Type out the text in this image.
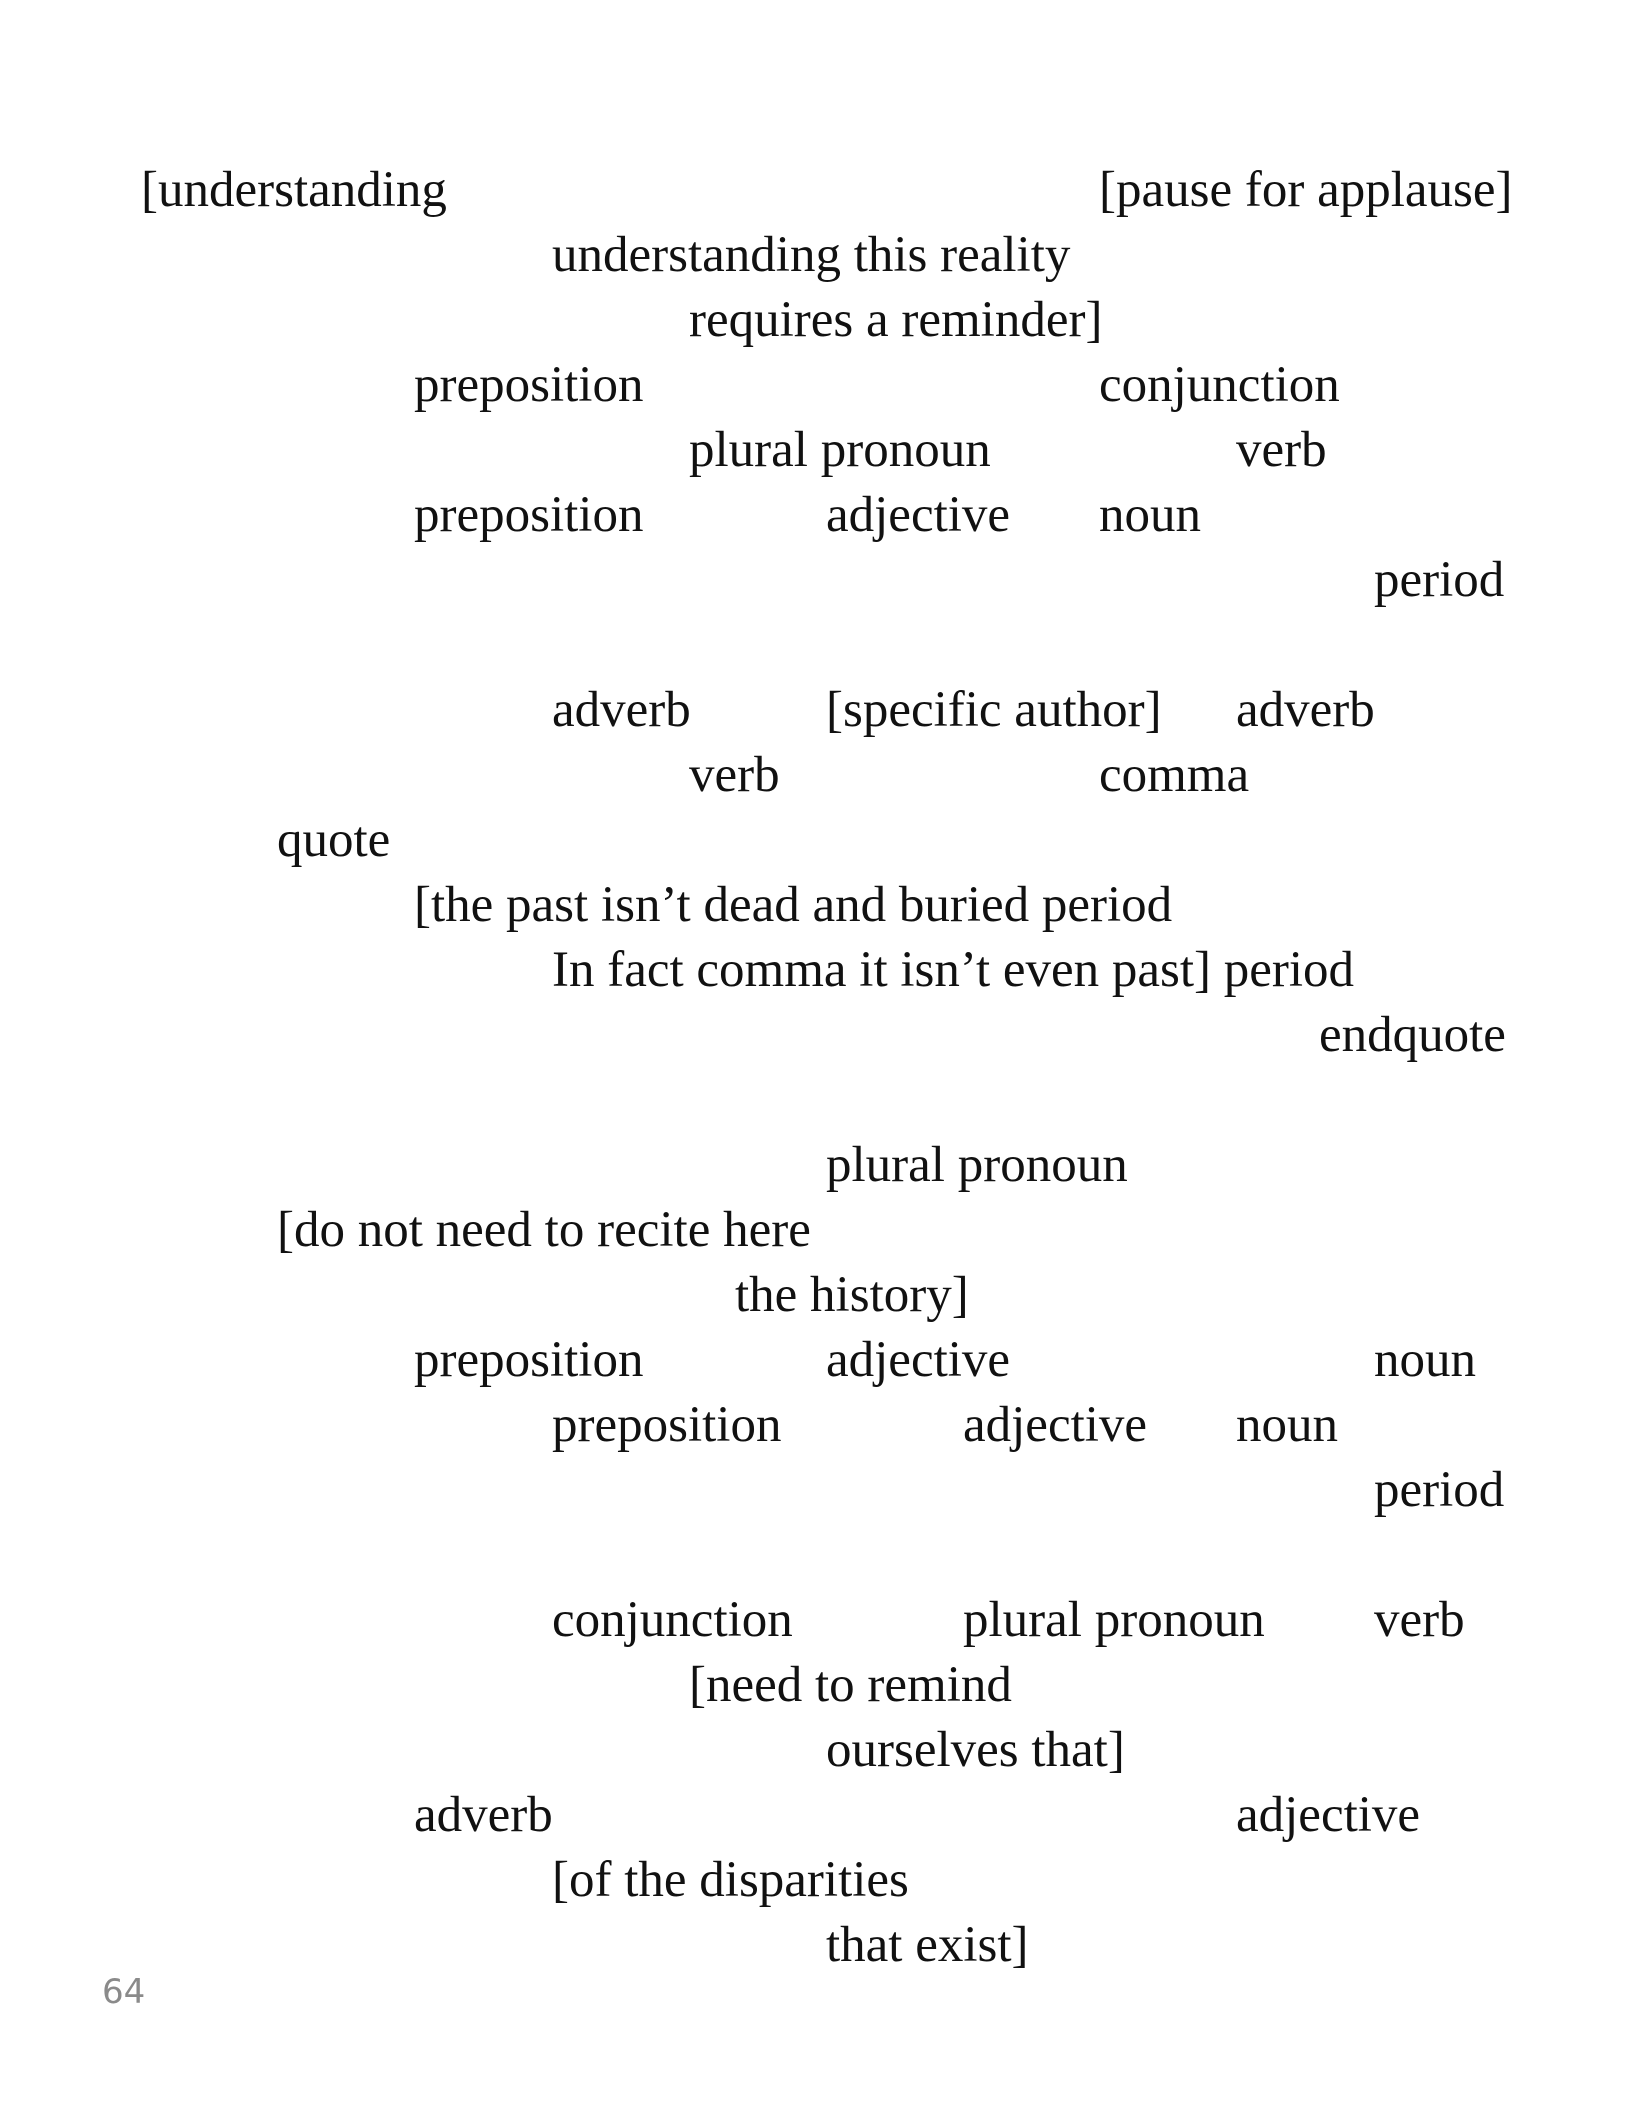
[understanding	[pause for applause]
understanding this reality
requires a reminder]
preposition	conjunction
plural pronoun	verb
preposition	adjective noun
period
adverb	[specific author] adverb
verb	comma
quote
[the past isn’t dead and buried period
In fact comma it isn’t even past] period
endquote
plural pronoun
[do not need to recite here
the history]
preposition	adjective	noun
preposition	adjective noun
period
conjunction	plural pronoun verb
[need to remind
ourselves that]
adverb	adjective
[of the disparities
that exist]
64
